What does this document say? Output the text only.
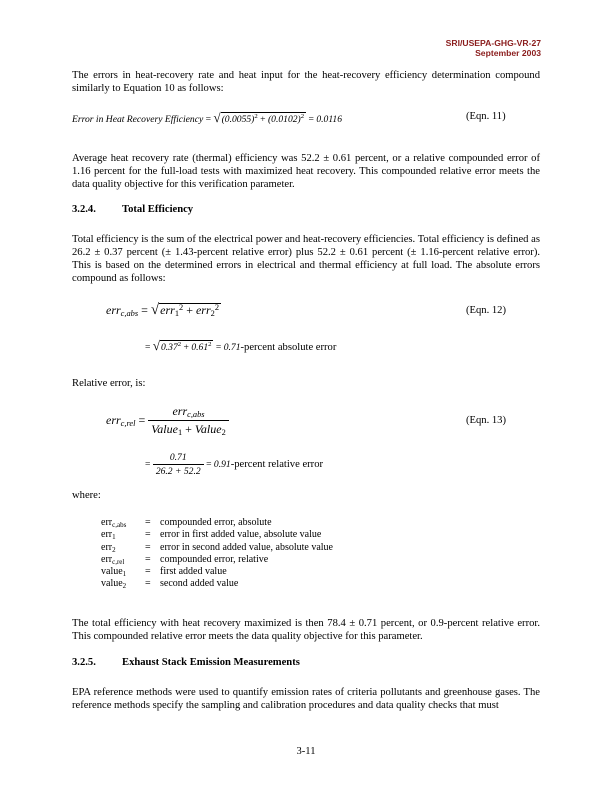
SRI/USEPA-GHG-VR-27
September 2003
The errors in heat-recovery rate and heat input for the heat-recovery efficiency determination compound similarly to Equation 10 as follows:
Error in Heat Recovery Efficiency = $√(0.0055)^2 + (0.0102)^2 = 0.0116$	(Eqn. 11)
Average heat recovery rate (thermal) efficiency was 52.2 ± 0.61 percent, or a relative compounded error of 1.16 percent for the full-load tests with maximized heat recovery. This compounded relative error meets the data quality objective for this verification parameter.
3.2.4. Total Efficiency
Total efficiency is the sum of the electrical power and heat-recovery efficiencies. Total efficiency is defined as 26.2 ± 0.37 percent (± 1.43-percent relative error) plus 52.2 ± 0.61 percent (± 1.16-percent relative error). This is based on the determined errors in electrical and thermal efficiency at full load. The absolute errors compound as follows:
err$_{c,abs}$ = √err$_1^2$ + err$_2^2$	(Eqn. 12)
= $√0.37^2 + 0.61^2$ = 0.71-percent absolute error
Relative error, is:
$err_{c,rel} = \frac{err_{c,abs}}{Value_1 + Value_2}$	(Eqn. 13)
= $\frac{0.71}{26.2 + 52.2}$ = 0.91-percent relative error
where:
err$_{c,abs}$ = compounded error, absolute
err$_1$	= error in first added value, absolute value
err$_2$	= error in second added value, absolute value
err$_{c,rel}$ = compounded error, relative
value$_1$ = first added value
value$_2$ = second added value
The total efficiency with heat recovery maximized is then 78.4 ± 0.71 percent, or 0.9-percent relative error. This compounded relative error meets the data quality objective for this parameter.
3.2.5. Exhaust Stack Emission Measurements
EPA reference methods were used to quantify emission rates of criteria pollutants and greenhouse gases. The reference methods specify the sampling and calibration procedures and data quality checks that must
3-11
